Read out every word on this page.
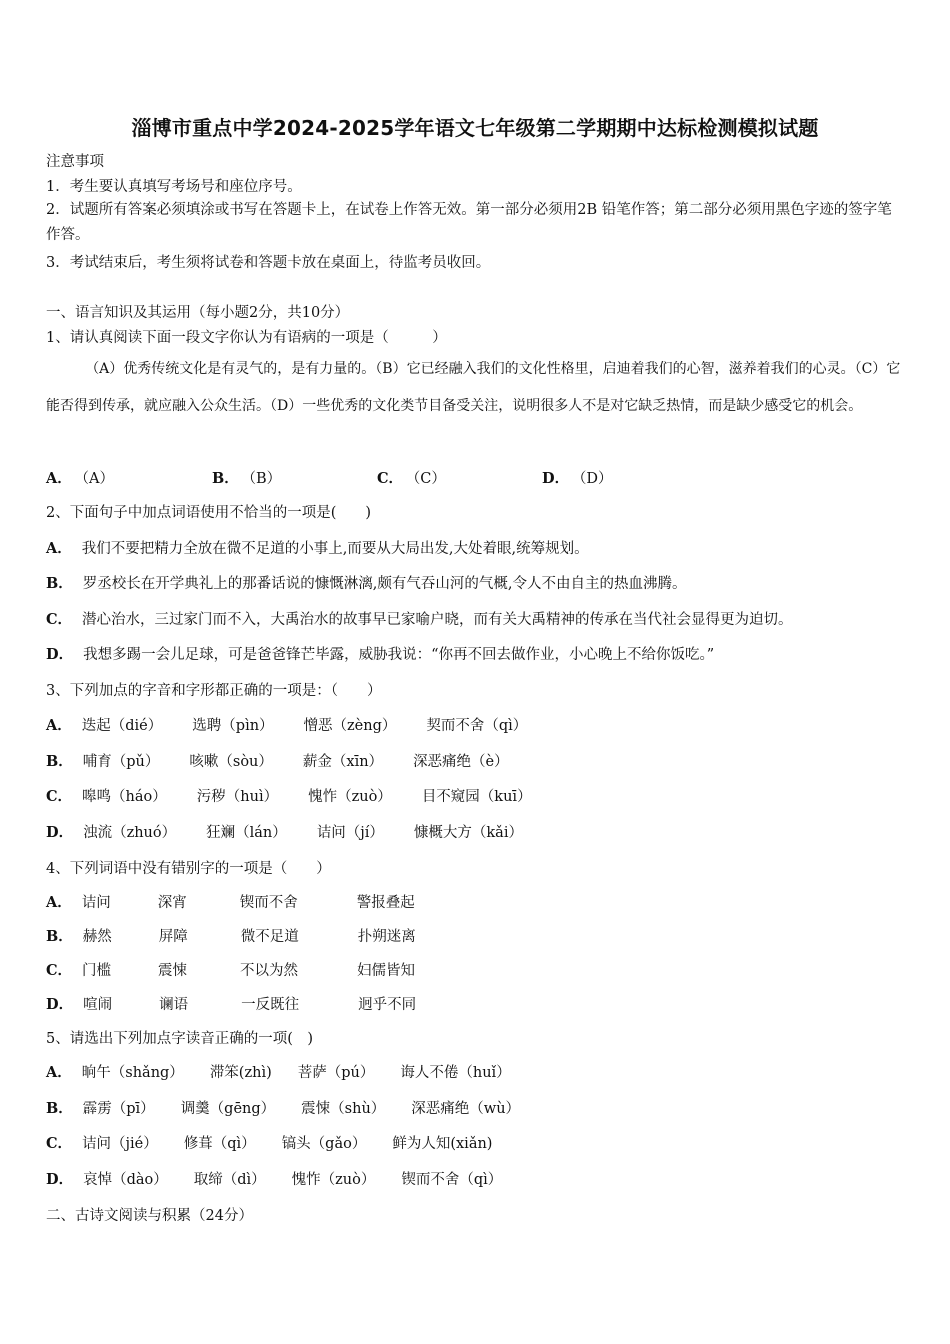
淄博市重点中学2024-2025学年语文七年级第二学期期中达标检测模拟试题
注意事项
1．考生要认真填写考场号和座位序号。
2．试题所有答案必须填涂或书写在答题卡上，在试卷上作答无效。第一部分必须用2B 铅笔作答；第二部分必须用黑色字迹的签字笔作答。
3．考试结束后，考生须将试卷和答题卡放在桌面上，待监考员收回。
一、语言知识及其运用（每小题2分，共10分）
1、请认真阅读下面一段文字你认为有语病的一项是（　　　）
（A）优秀传统文化是有灵气的，是有力量的。（B）它已经融入我们的文化性格里，启迪着我们的心智，滋养着我们的心灵。（C）它能否得到传承，就应融入公众生活。（D）一些优秀的文化类节目备受关注，说明很多人不是对它缺乏热情，而是缺少感受它的机会。
A． （A）	B． （B）	C． （C）	D． （D）
2、下面句子中加点词语使用不恰当的一项是(　　)
A． 我们不要把精力全放在微不足道的小事上,而要从大局出发,大处着眼,统筹规划。
B． 罗丞校长在开学典礼上的那番话说的慷慨淋漓,颇有气吞山河的气概,令人不由自主的热血沸腾。
C． 潜心治水，三过家门而不入，大禹治水的故事早已家喻户晓，而有关大禹精神的传承在当代社会显得更为迫切。
D． 我想多踢一会儿足球，可是爸爸锋芒毕露，威胁我说：“你再不回去做作业，小心晚上不给你饭吃。”
3、下列加点的字音和字形都正确的一项是：（　　）
A． 迭起（dié） 选聘（pìn） 憎恶（zèng） 契而不舍（qì）
B． 哺育（pǔ） 咳嗽（sòu） 薪金（xīn） 深恶痛绝（è）
C． 嗥鸣（háo） 污秽（huì） 愧怍（zuò） 目不窥园（kuī）
D． 浊流（zhuó） 狂斓（lán） 诘问（jí） 慷概大方（kǎi）
4、下列词语中没有错别字的一项是（　　）
A． 诘问	深宵	锲而不舍	警报叠起
B． 赫然	屏障	微不足道	扑朔迷离
C． 门槛	震悚	不以为然	妇儒皆知
D． 喧闹	谰语	一反既往	迥乎不同
5、请选出下列加点字读音正确的一项(　)
A． 晌午（shǎng） 滞笨(zhì) 菩萨（pú） 诲人不倦（huǐ）
B． 霹雳（pī） 调羹（gēng） 震悚（shù） 深恶痛绝（wù）
C． 诘问（jié） 修葺（qì） 镐头（gǎo） 鲜为人知(xiǎn)
D． 哀悼（dào） 取缔（dì） 愧怍（zuò） 锲而不舍（qì）
二、古诗文阅读与积累（24分）
